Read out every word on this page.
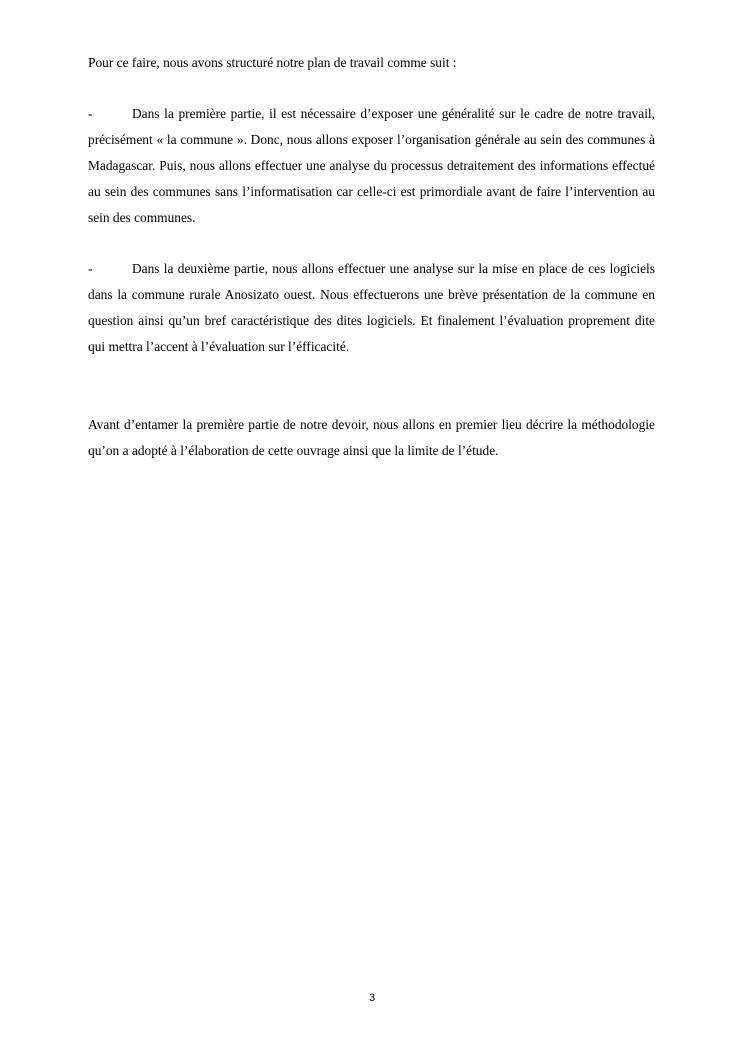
Pour ce faire, nous avons structuré notre plan de travail comme suit :

-	Dans la première partie, il est nécessaire d’exposer une généralité sur le cadre de notre travail, précisément « la commune ». Donc, nous allons exposer l’organisation générale au sein des communes à Madagascar. Puis, nous allons effectuer une analyse du processus detraitement des informations effectué au sein des communes sans l’informatisation car celle-ci est primordiale avant de faire l’intervention au sein des communes.
-	Dans la deuxième partie, nous allons effectuer une analyse sur la mise en place de ces logiciels dans la commune rurale Anosizato ouest. Nous effectuerons une brève présentation de la commune en question ainsi qu’un bref caractéristique des dites logiciels. Et finalement l’évaluation proprement dite qui mettra l’accent à l’évaluation sur l’éfficacité.

Avant d’entamer la première partie de notre devoir, nous allons en premier lieu décrire la méthodologie qu’on a adopté à l’élaboration de cette ouvrage ainsi que la limite de l’étude.

3
